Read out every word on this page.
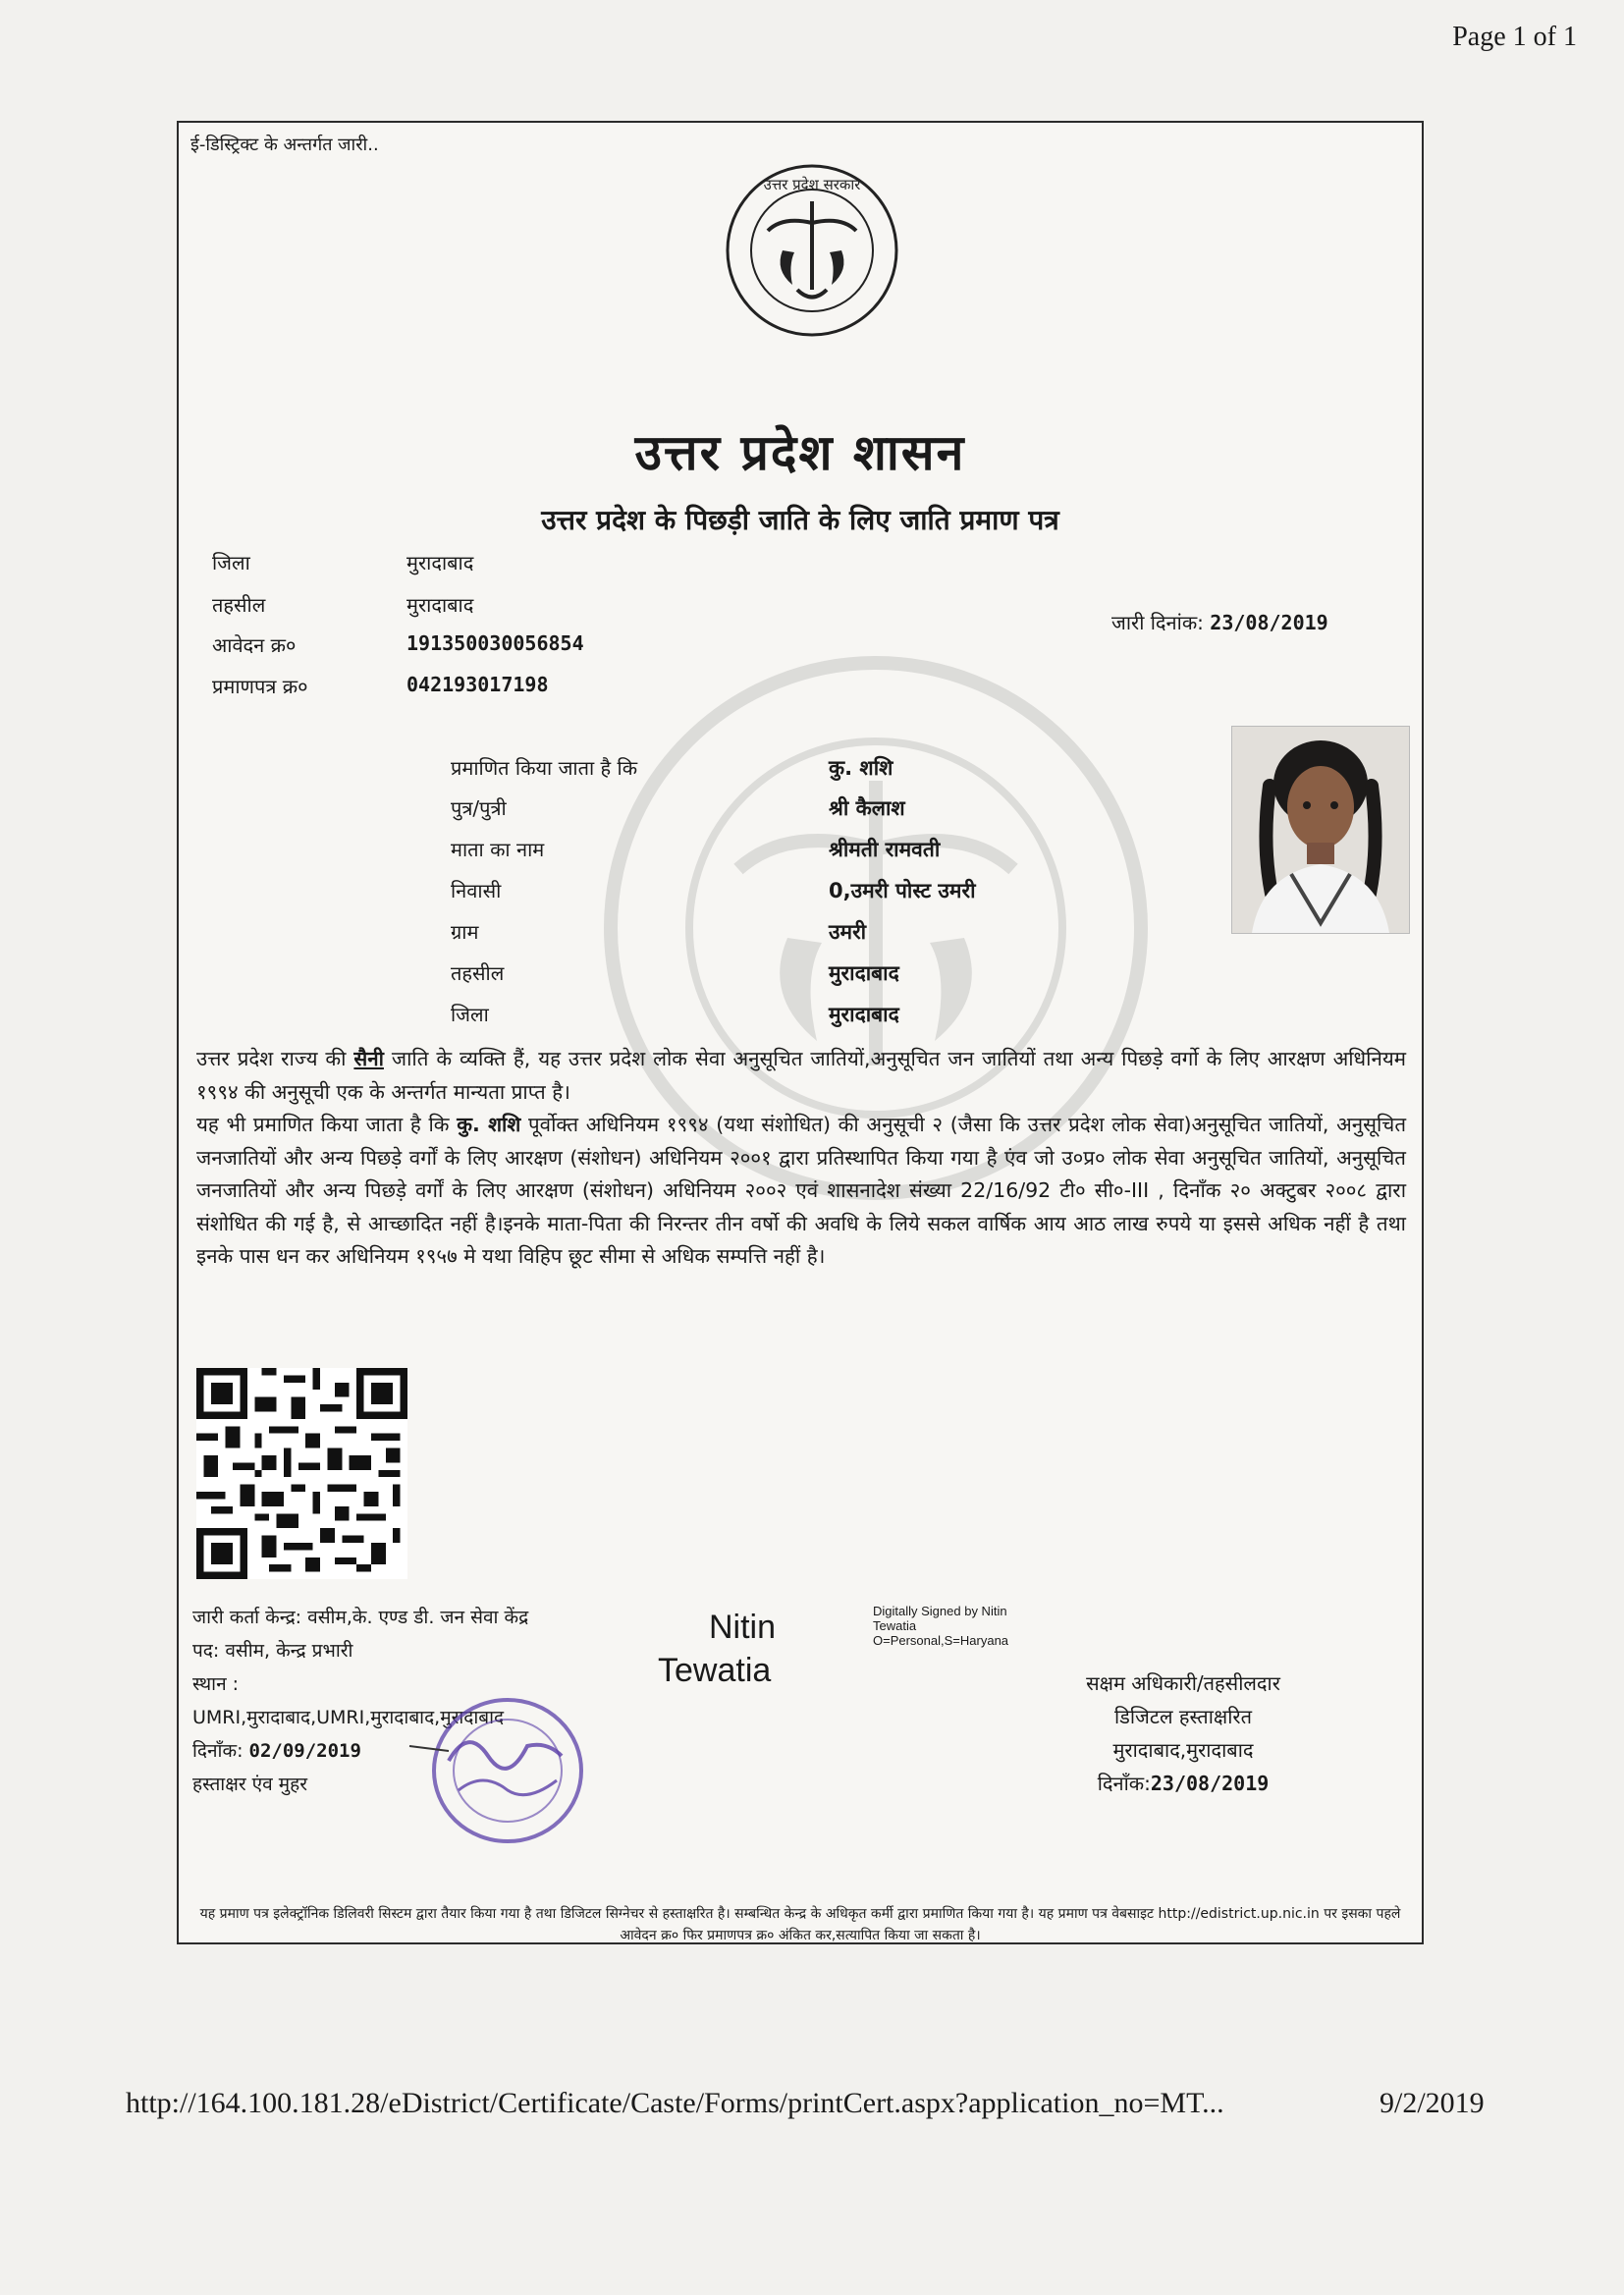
Page 1 of 1
ई-डिस्ट्रिक्ट के अन्तर्गत जारी..
उत्तर प्रदेश सरकार
उत्तर प्रदेश शासन
उत्तर प्रदेश के पिछड़ी जाति के लिए जाति प्रमाण पत्र
जिला	मुरादाबाद
तहसील	मुरादाबाद
आवेदन क्र०	191350030056854
प्रमाणपत्र क्र०	042193017198
जारी दिनांक: 23/08/2019
प्रमाणित किया जाता है कि	कु. शशि
पुत्र/पुत्री	श्री कैलाश
माता का नाम	श्रीमती रामवती
निवासी	0,उमरी पोस्ट उमरी
ग्राम	उमरी
तहसील	मुरादाबाद
जिला	मुरादाबाद

उत्तर प्रदेश राज्य की सैनी जाति के व्यक्ति हैं, यह उत्तर प्रदेश लोक सेवा अनुसूचित जातियों,अनुसूचित जन जातियों तथा अन्य पिछड़े वर्गो के लिए आरक्षण अधिनियम १९९४ की अनुसूची एक के अन्तर्गत मान्यता प्राप्त है।

यह भी प्रमाणित किया जाता है कि कु. शशि पूर्वोक्त अधिनियम १९९४ (यथा संशोधित) की अनुसूची २ (जैसा कि उत्तर प्रदेश लोक सेवा)अनुसूचित जातियों, अनुसूचित जनजातियों और अन्य पिछड़े वर्गों के लिए आरक्षण (संशोधन) अधिनियम २००१ द्वारा प्रतिस्थापित किया गया है एंव जो उ०प्र० लोक सेवा अनुसूचित जातियों, अनुसूचित जनजातियों और अन्य पिछड़े वर्गों के लिए आरक्षण (संशोधन) अधिनियम २००२ एवं शासनादेश संख्या 22/16/92 टी० सी०-III , दिनाँक २० अक्टुबर २००८ द्वारा संशोधित की गई है, से आच्छादित नहीं है।इनके माता-पिता की निरन्तर तीन वर्षो की अवधि के लिये सकल वार्षिक आय आठ लाख रुपये या इससे अधिक नहीं है तथा इनके पास धन कर अधिनियम १९५७ मे यथा विहिप छूट सीमा से अधिक सम्पत्ति नहीं है।

जारी कर्ता केन्द्र: वसीम,के. एण्ड डी. जन सेवा केंद्र
पद: वसीम, केन्द्र प्रभारी
स्थान :
UMRI,मुरादाबाद,UMRI,मुरादाबाद,मुरादाबाद
दिनाँक: 02/09/2019
हस्ताक्षर एंव मुहर
Nitin
Tewatia
Digitally Signed by Nitin
Tewatia
O=Personal,S=Haryana
सक्षम अधिकारी/तहसीलदार
डिजिटल हस्ताक्षरित
मुरादाबाद,मुरादाबाद
दिनाँक:23/08/2019
यह प्रमाण पत्र इलेक्ट्रॉनिक डिलिवरी सिस्टम द्वारा तैयार किया गया है तथा डिजिटल सिग्नेचर से हस्ताक्षरित है। सम्बन्धित केन्द्र के अधिकृत कर्मी द्वारा प्रमाणित किया गया है। यह प्रमाण पत्र वेबसाइट http://edistrict.up.nic.in पर इसका पहले आवेदन क्र० फिर प्रमाणपत्र क्र० अंकित कर,सत्यापित किया जा सकता है।
http://164.100.181.28/eDistrict/Certificate/Caste/Forms/printCert.aspx?application_no=MT...	9/2/2019
